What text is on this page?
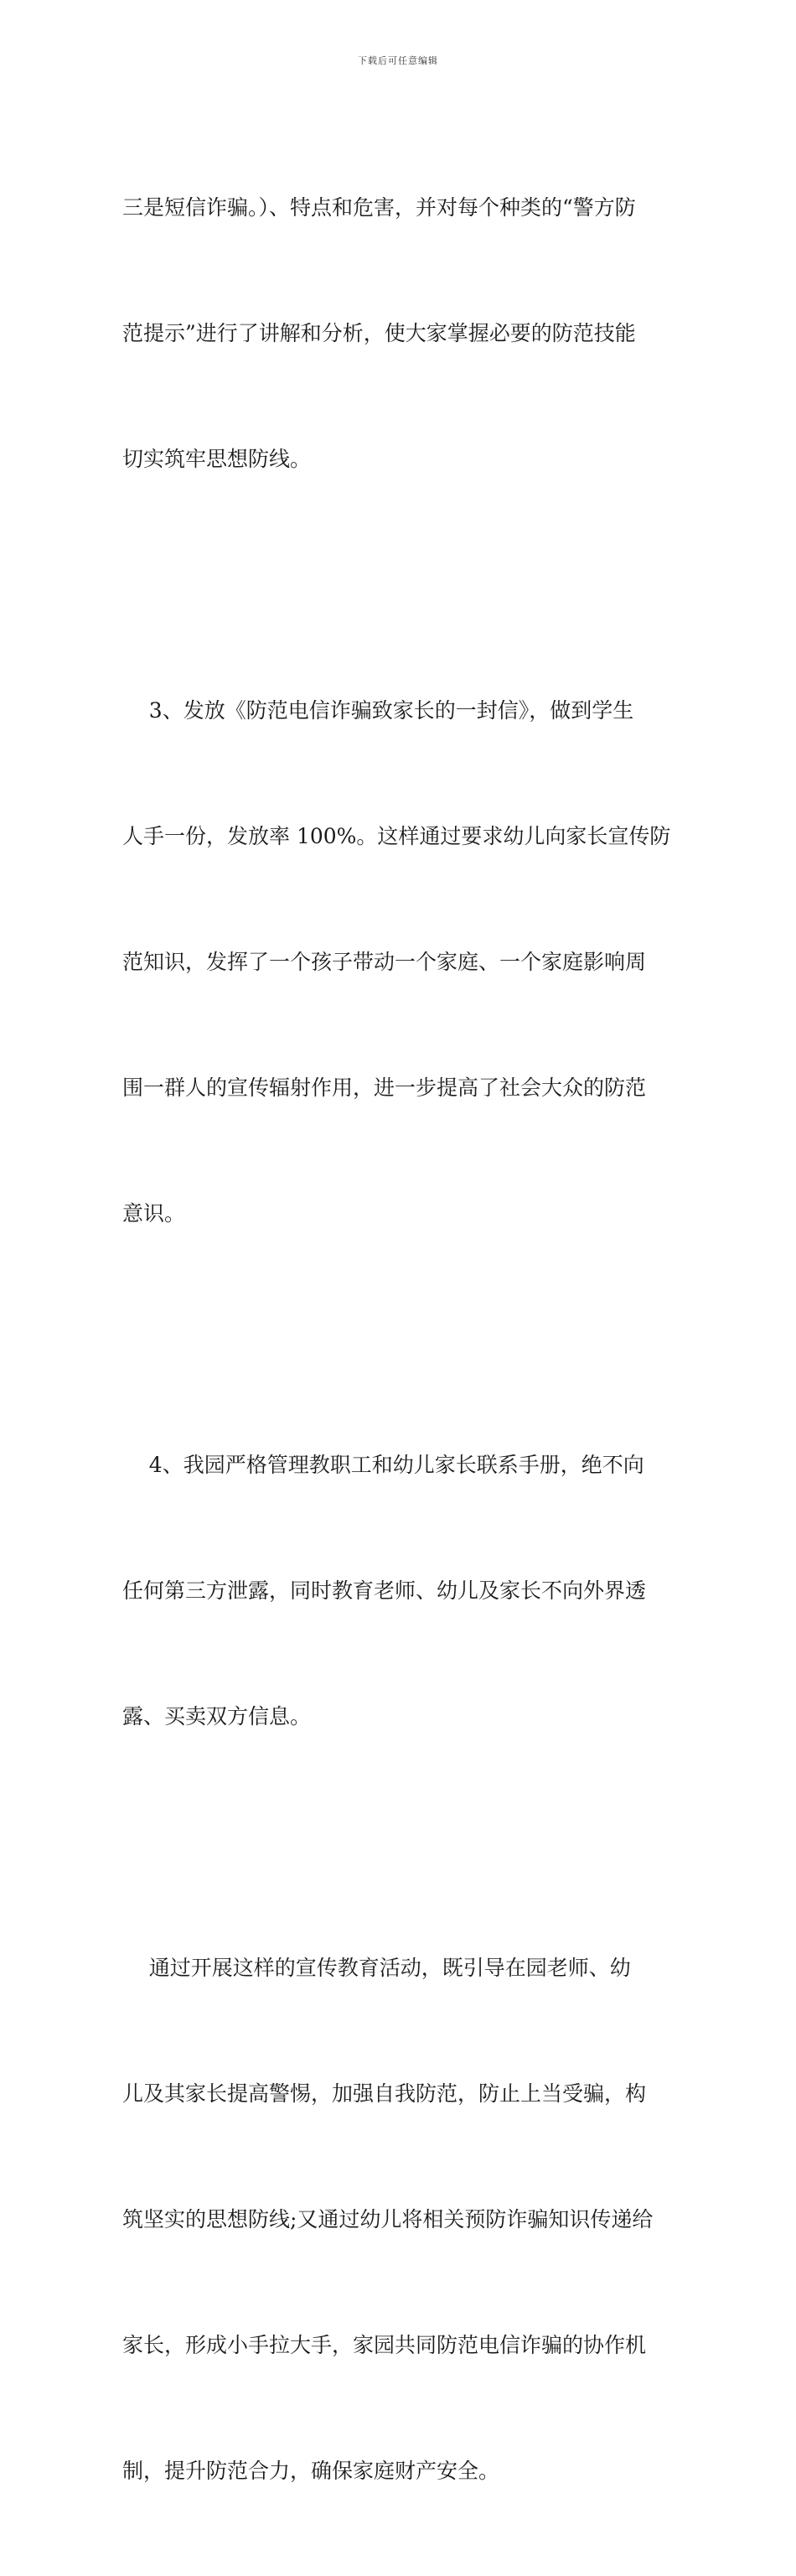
下载后可任意编辑

三是短信诈骗。）、特点和危害，并对每个种类的“警方防

范提示”进行了讲解和分析，使大家掌握必要的防范技能

切实筑牢思想防线。

3、发放《防范电信诈骗致家长的一封信》，做到学生

人手一份，发放率 100%。这样通过要求幼儿向家长宣传防

范知识，发挥了一个孩子带动一个家庭、一个家庭影响周

围一群人的宣传辐射作用，进一步提高了社会大众的防范

意识。

4、我园严格管理教职工和幼儿家长联系手册，绝不向

任何第三方泄露，同时教育老师、幼儿及家长不向外界透

露、买卖双方信息。

通过开展这样的宣传教育活动，既引导在园老师、幼

儿及其家长提高警惕，加强自我防范，防止上当受骗，构

筑坚实的思想防线;又通过幼儿将相关预防诈骗知识传递给

家长，形成小手拉大手，家园共同防范电信诈骗的协作机

制，提升防范合力，确保家庭财产安全。
